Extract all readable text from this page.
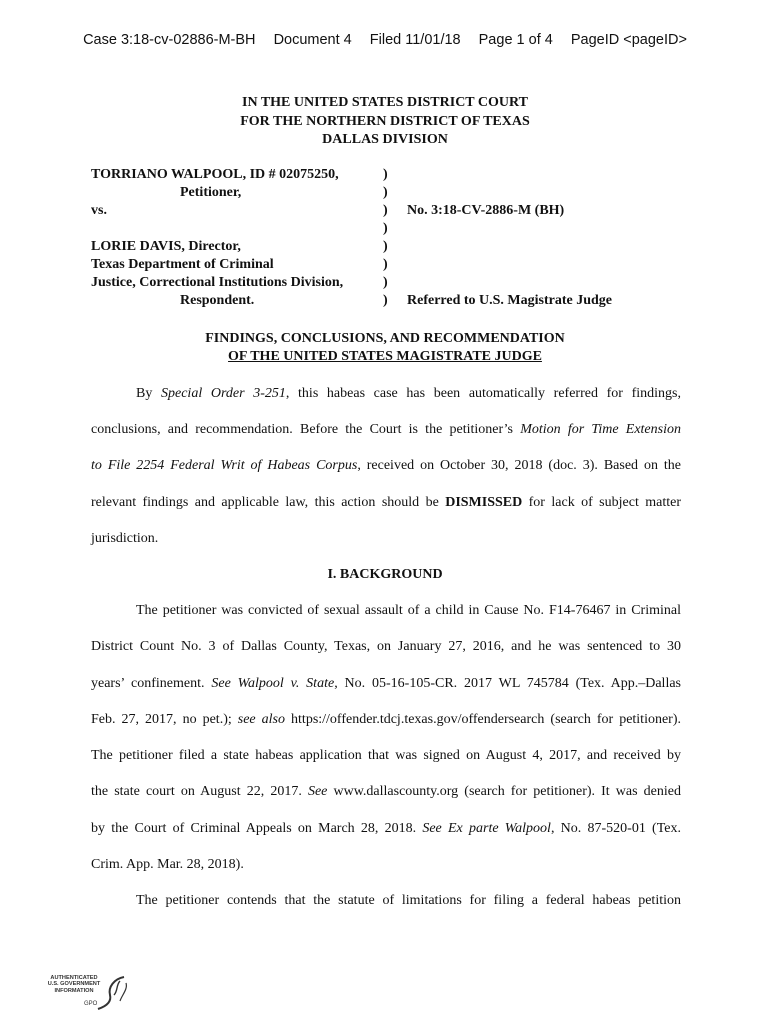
Case 3:18-cv-02886-M-BH Document 4 Filed 11/01/18 Page 1 of 4 PageID <pageID>
IN THE UNITED STATES DISTRICT COURT
FOR THE NORTHERN DISTRICT OF TEXAS
DALLAS DIVISION
TORRIANO WALPOOL, ID # 02075250,	)
Petitioner,	)
vs.	) No. 3:18-CV-2886-M (BH)
)
LORIE DAVIS, Director,	)
Texas Department of Criminal	)
Justice, Correctional Institutions Division,	)
Respondent.	) Referred to U.S. Magistrate Judge
FINDINGS, CONCLUSIONS, AND RECOMMENDATION
OF THE UNITED STATES MAGISTRATE JUDGE
By Special Order 3-251, this habeas case has been automatically referred for findings,
conclusions, and recommendation. Before the Court is the petitioner’s Motion for Time Extension
to File 2254 Federal Writ of Habeas Corpus, received on October 30, 2018 (doc. 3). Based on the
relevant findings and applicable law, this action should be DISMISSED for lack of subject matter
jurisdiction.
I. BACKGROUND
The petitioner was convicted of sexual assault of a child in Cause No. F14-76467 in Criminal
District Count No. 3 of Dallas County, Texas, on January 27, 2016, and he was sentenced to 30
years’ confinement. See Walpool v. State, No. 05-16-105-CR. 2017 WL 745784 (Tex. App.–Dallas
Feb. 27, 2017, no pet.); see also https://offender.tdcj.texas.gov/offendersearch (search for petitioner).
The petitioner filed a state habeas application that was signed on August 4, 2017, and received by
the state court on August 22, 2017. See www.dallascounty.org (search for petitioner). It was denied
by the Court of Criminal Appeals on March 28, 2018. See Ex parte Walpool, No. 87-520-01 (Tex.
Crim. App. Mar. 28, 2018).
The petitioner contends that the statute of limitations for filing a federal habeas petition
AUTHENTICATED
U.S. GOVERNMENT
INFORMATION
GPO
